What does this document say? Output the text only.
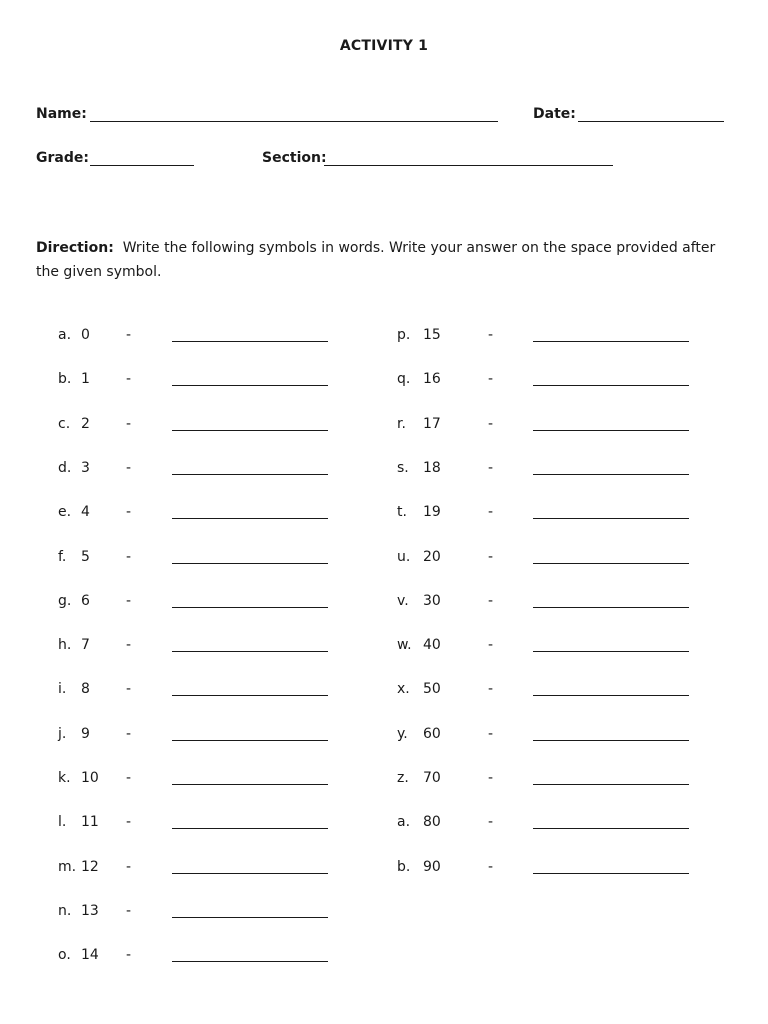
ACTIVITY 1
Name:	Date:
Grade:	Section:
Direction: Write the following symbols in words. Write your answer on the space provided after the given symbol.
a. 0	-
b. 1	-
c. 2	-
d. 3	-
e. 4	-
f. 5	-
g. 6	-
h. 7	-
i. 8	-
j. 9	-
k. 10 -
l. 11 -
m. 12 -
n. 13 -
o. 14 -
p. 15	-
q. 16	-
r. 17	-
s. 18	-
t. 19	-
u. 20	-
v. 30	-
w. 40	-
x. 50	-
y. 60	-
z. 70	-
a. 80	-
b. 90	-
